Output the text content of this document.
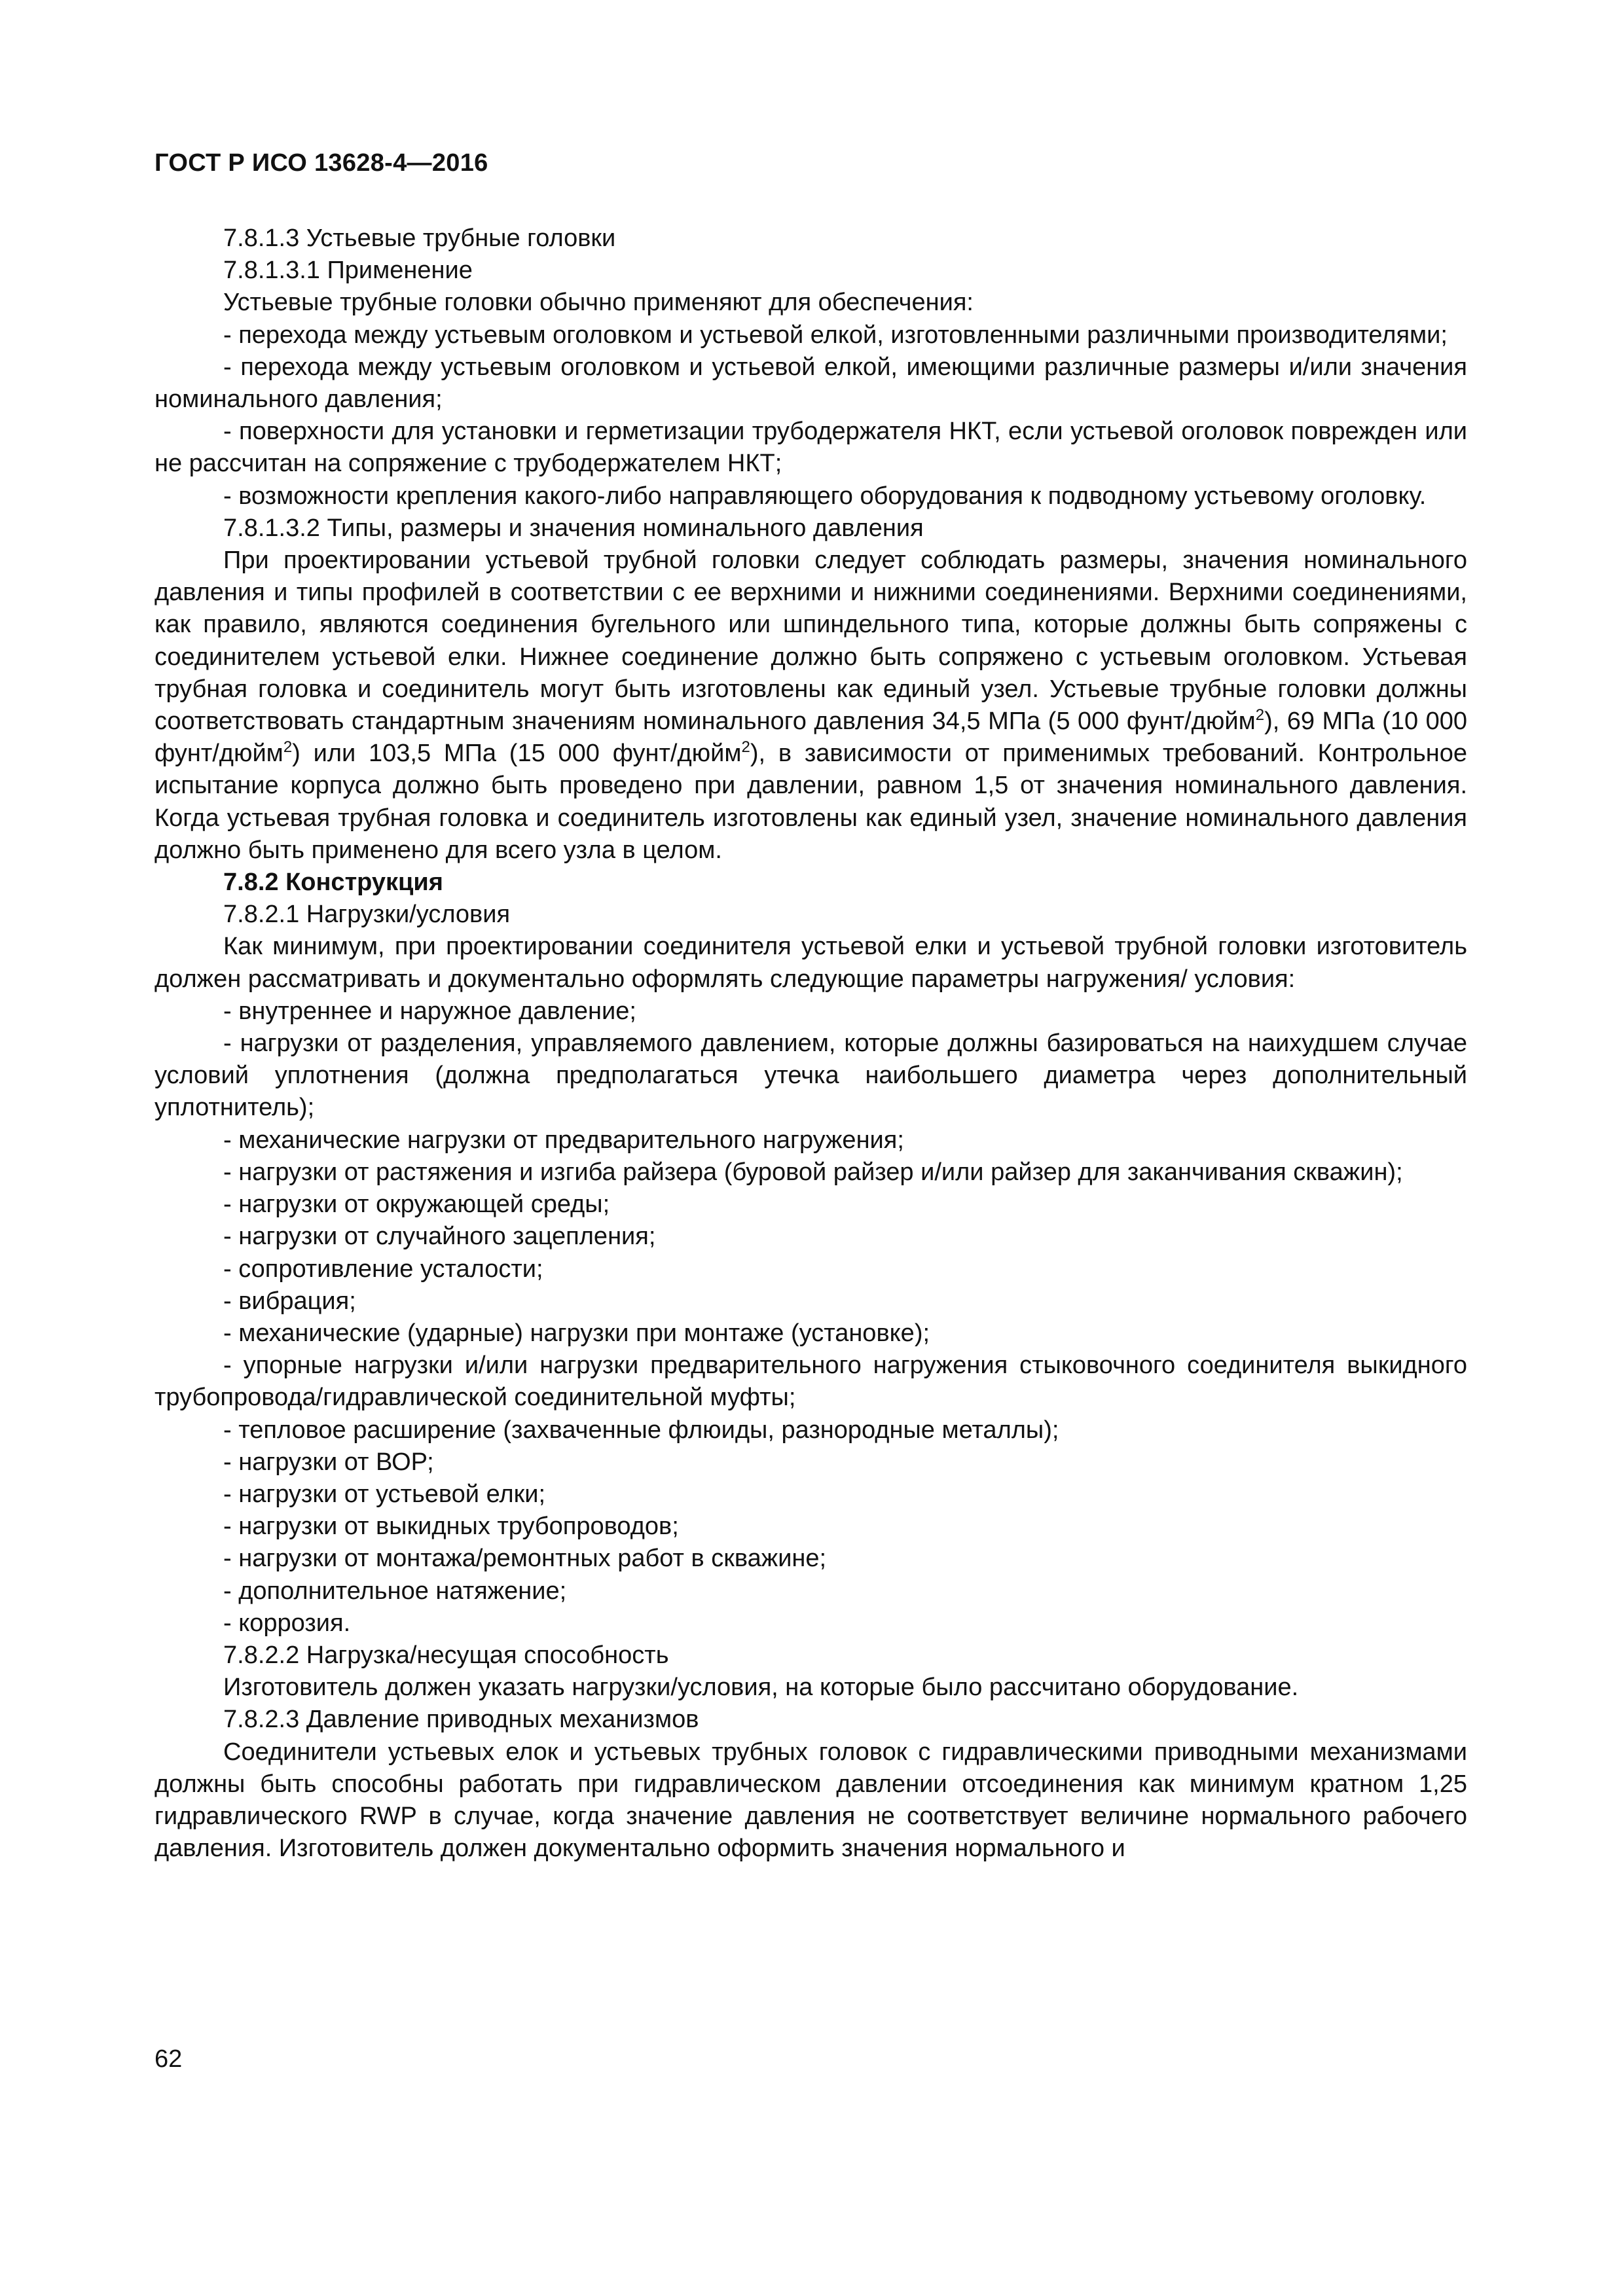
ГОСТ Р ИСО 13628-4—2016

7.8.1.3 Устьевые трубные головки

7.8.1.3.1 Применение

Устьевые трубные головки обычно применяют для обеспечения:

- перехода между устьевым оголовком и устьевой елкой, изготовленными различными производителями;

- перехода между устьевым оголовком и устьевой елкой, имеющими различные размеры и/или значения номинального давления;

- поверхности для установки и герметизации трубодержателя НКТ, если устьевой оголовок поврежден или не рассчитан на сопряжение с трубодержателем НКТ;

- возможности крепления какого-либо направляющего оборудования к подводному устьевому оголовку.

7.8.1.3.2 Типы, размеры и значения номинального давления

При проектировании устьевой трубной головки следует соблюдать размеры, значения номинального давления и типы профилей в соответствии с ее верхними и нижними соединениями. Верхними соединениями, как правило, являются соединения бугельного или шпиндельного типа, которые должны быть сопряжены с соединителем устьевой елки. Нижнее соединение должно быть сопряжено с устьевым оголовком. Устьевая трубная головка и соединитель могут быть изготовлены как единый узел. Устьевые трубные головки должны соответствовать стандартным значениям номинального давления 34,5 МПа (5 000 фунт/дюйм$^2$), 69 МПа (10 000 фунт/дюйм$^2$) или 103,5 МПа (15 000 фунт/дюйм$^2$), в зависимости от применимых требований. Контрольное испытание корпуса должно быть проведено при давлении, равном 1,5 от значения номинального давления. Когда устьевая трубная головка и соединитель изготовлены как единый узел, значение номинального давления должно быть применено для всего узла в целом.

7.8.2 Конструкция

7.8.2.1 Нагрузки/условия

Как минимум, при проектировании соединителя устьевой елки и устьевой трубной головки изготовитель должен рассматривать и документально оформлять следующие параметры нагружения/ условия:

- внутреннее и наружное давление;

- нагрузки от разделения, управляемого давлением, которые должны базироваться на наихудшем случае условий уплотнения (должна предполагаться утечка наибольшего диаметра через дополнительный уплотнитель);

- механические нагрузки от предварительного нагружения;

- нагрузки от растяжения и изгиба райзера (буровой райзер и/или райзер для заканчивания скважин);

- нагрузки от окружающей среды;

- нагрузки от случайного зацепления;

- сопротивление усталости;

- вибрация;

- механические (ударные) нагрузки при монтаже (установке);

- упорные нагрузки и/или нагрузки предварительного нагружения стыковочного соединителя выкидного трубопровода/гидравлической соединительной муфты;

- тепловое расширение (захваченные флюиды, разнородные металлы);

- нагрузки от ВОР;

- нагрузки от устьевой елки;

- нагрузки от выкидных трубопроводов;

- нагрузки от монтажа/ремонтных работ в скважине;

- дополнительное натяжение;

- коррозия.

7.8.2.2 Нагрузка/несущая способность

Изготовитель должен указать нагрузки/условия, на которые было рассчитано оборудование.

7.8.2.3 Давление приводных механизмов

Соединители устьевых елок и устьевых трубных головок с гидравлическими приводными механизмами должны быть способны работать при гидравлическом давлении отсоединения как минимум кратном 1,25 гидравлического RWP в случае, когда значение давления не соответствует величине нормального рабочего давления. Изготовитель должен документально оформить значения нормального и

62
